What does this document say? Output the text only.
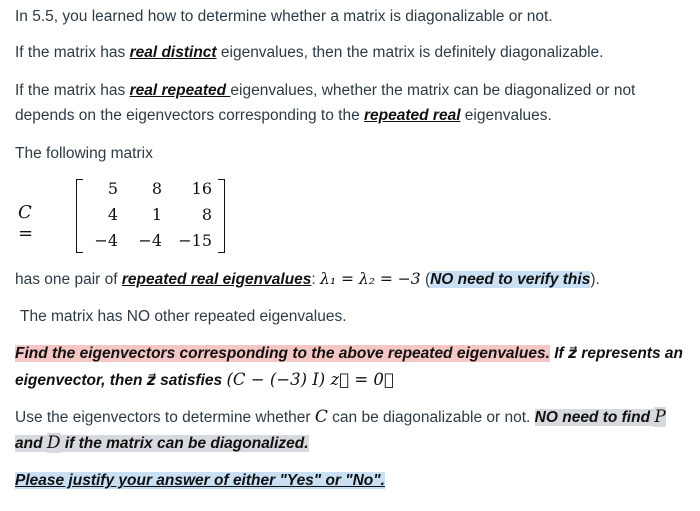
In 5.5, you learned how to determine whether a matrix is diagonalizable or not.
If the matrix has real distinct eigenvalues, then the matrix is definitely diagonalizable.
If the matrix has real repeated eigenvalues, whether the matrix can be diagonalized or not
depends on the eigenvectors corresponding to the repeated real eigenvalues.
The following matrix
C =
5	8	16
4	1	8
−4	−4 −15
has one pair of repeated real eigenvalues: λ₁ = λ₂ = −3 (NO need to verify this).
The matrix has NO other repeated eigenvalues.
Find the eigenvectors corresponding to the above repeated eigenvalues. If z⃗ represents an
eigenvector, then z⃗ satisfies (C − (−3) I) z⃗ = 0⃗
Use the eigenvectors to determine whether C can be diagonalizable or not. NO need to find P
and D if the matrix can be diagonalized.
Please justify your answer of either "Yes" or "No".
